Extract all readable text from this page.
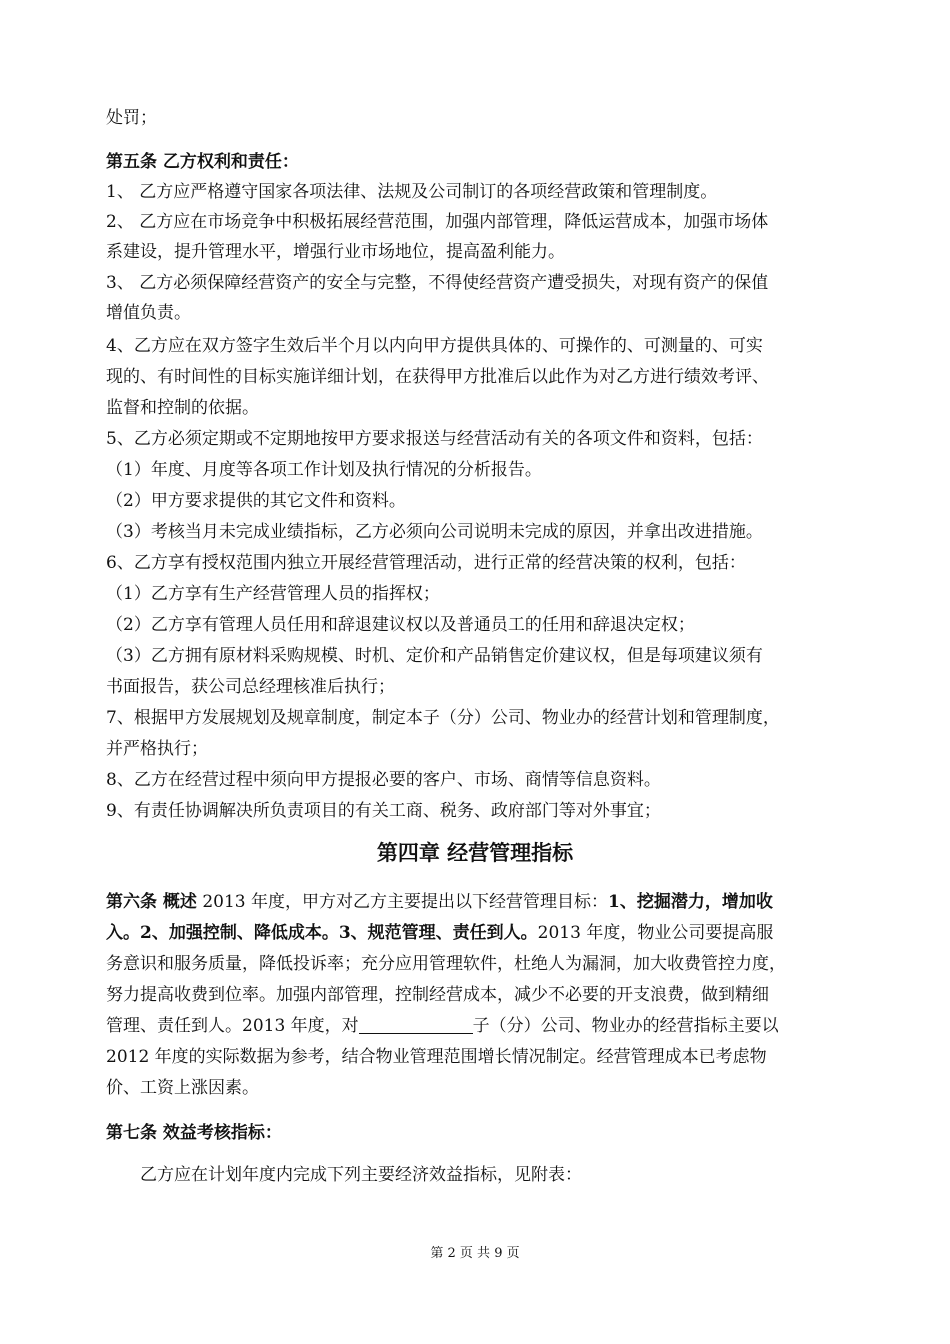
处罚；
第五条 乙方权利和责任：
1、 乙方应严格遵守国家各项法律、法规及公司制订的各项经营政策和管理制度。
2、 乙方应在市场竞争中积极拓展经营范围，加强内部管理，降低运营成本，加强市场体
系建设，提升管理水平，增强行业市场地位，提高盈利能力。
3、 乙方必须保障经营资产的安全与完整，不得使经营资产遭受损失，对现有资产的保值
增值负责。
4、乙方应在双方签字生效后半个月以内向甲方提供具体的、可操作的、可测量的、可实
现的、有时间性的目标实施详细计划，在获得甲方批准后以此作为对乙方进行绩效考评、
监督和控制的依据。
5、乙方必须定期或不定期地按甲方要求报送与经营活动有关的各项文件和资料，包括：
（1）年度、月度等各项工作计划及执行情况的分析报告。
（2）甲方要求提供的其它文件和资料。
（3）考核当月未完成业绩指标，乙方必须向公司说明未完成的原因，并拿出改进措施。
6、乙方享有授权范围内独立开展经营管理活动，进行正常的经营决策的权利，包括：
（1）乙方享有生产经营管理人员的指挥权；
（2）乙方享有管理人员任用和辞退建议权以及普通员工的任用和辞退决定权；
（3）乙方拥有原材料采购规模、时机、定价和产品销售定价建议权，但是每项建议须有
书面报告，获公司总经理核准后执行；
7、根据甲方发展规划及规章制度，制定本子（分）公司、物业办的经营计划和管理制度，
并严格执行；
8、乙方在经营过程中须向甲方提报必要的客户、市场、商情等信息资料。
9、有责任协调解决所负责项目的有关工商、税务、政府部门等对外事宜；
第四章 经营管理指标
第六条 概述 2013 年度，甲方对乙方主要提出以下经营管理目标：1、挖掘潜力，增加收
入。2、加强控制、降低成本。3、规范管理、责任到人。2013 年度，物业公司要提高服
务意识和服务质量，降低投诉率；充分应用管理软件，杜绝人为漏洞，加大收费管控力度，
努力提高收费到位率。加强内部管理，控制经营成本，减少不必要的开支浪费，做到精细
管理、责任到人。2013 年度，对	子（分）公司、物业办的经营指标主要以
2012 年度的实际数据为参考，结合物业管理范围增长情况制定。经营管理成本已考虑物
价、工资上涨因素。
第七条 效益考核指标：
乙方应在计划年度内完成下列主要经济效益指标，见附表：
第 2 页 共 9 页
